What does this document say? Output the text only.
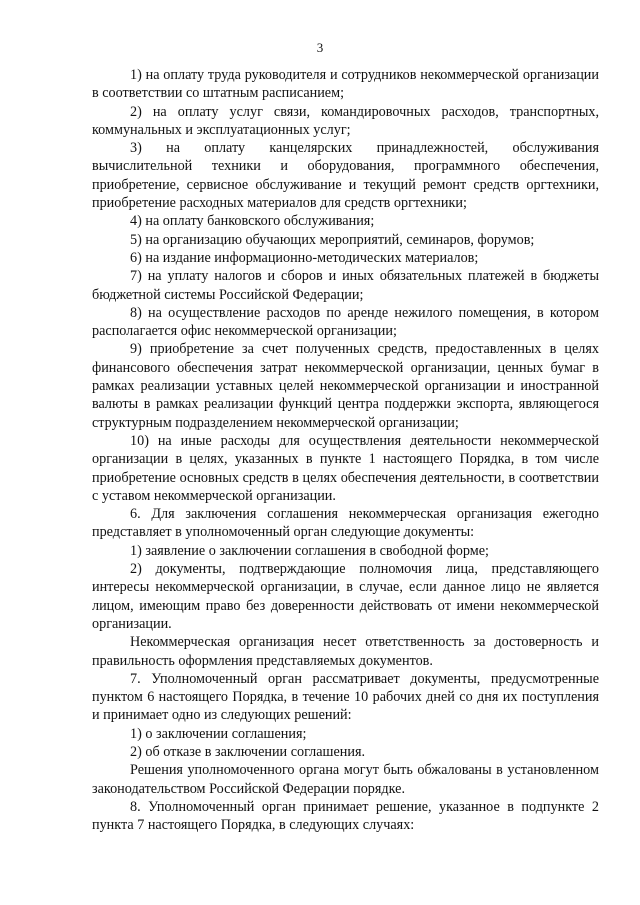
3

1) на оплату труда руководителя и сотрудников некоммерческой организации в соответствии со штатным расписанием;

2) на оплату услуг связи, командировочных расходов, транспортных, коммунальных и эксплуатационных услуг;

3) на оплату канцелярских принадлежностей, обслуживания вычислительной техники и оборудования, программного обеспечения, приобретение, сервисное обслуживание и текущий ремонт средств оргтехники, приобретение расходных материалов для средств оргтехники;

4) на оплату банковского обслуживания;

5) на организацию обучающих мероприятий, семинаров, форумов;

6) на издание информационно-методических материалов;

7) на уплату налогов и сборов и иных обязательных платежей в бюджеты бюджетной системы Российской Федерации;

8) на осуществление расходов по аренде нежилого помещения, в котором располагается офис некоммерческой организации;

9) приобретение за счет полученных средств, предоставленных в целях финансового обеспечения затрат некоммерческой организации, ценных бумаг в рамках реализации уставных целей некоммерческой организации и иностранной валюты в рамках реализации функций центра поддержки экспорта, являющегося структурным подразделением некоммерческой организации;

10) на иные расходы для осуществления деятельности некоммерческой организации в целях, указанных в пункте 1 настоящего Порядка, в том числе приобретение основных средств в целях обеспечения деятельности, в соответствии с уставом некоммерческой организации.

6. Для заключения соглашения некоммерческая организация ежегодно представляет в уполномоченный орган следующие документы:

1) заявление о заключении соглашения в свободной форме;

2) документы, подтверждающие полномочия лица, представляющего интересы некоммерческой организации, в случае, если данное лицо не является лицом, имеющим право без доверенности действовать от имени некоммерческой организации.

Некоммерческая организация несет ответственность за достоверность и правильность оформления представляемых документов.

7. Уполномоченный орган рассматривает документы, предусмотренные пунктом 6 настоящего Порядка, в течение 10 рабочих дней со дня их поступления и принимает одно из следующих решений:

1) о заключении соглашения;

2) об отказе в заключении соглашения.

Решения уполномоченного органа могут быть обжалованы в установленном законодательством Российской Федерации порядке.

8. Уполномоченный орган принимает решение, указанное в подпункте 2 пункта 7 настоящего Порядка, в следующих случаях:
